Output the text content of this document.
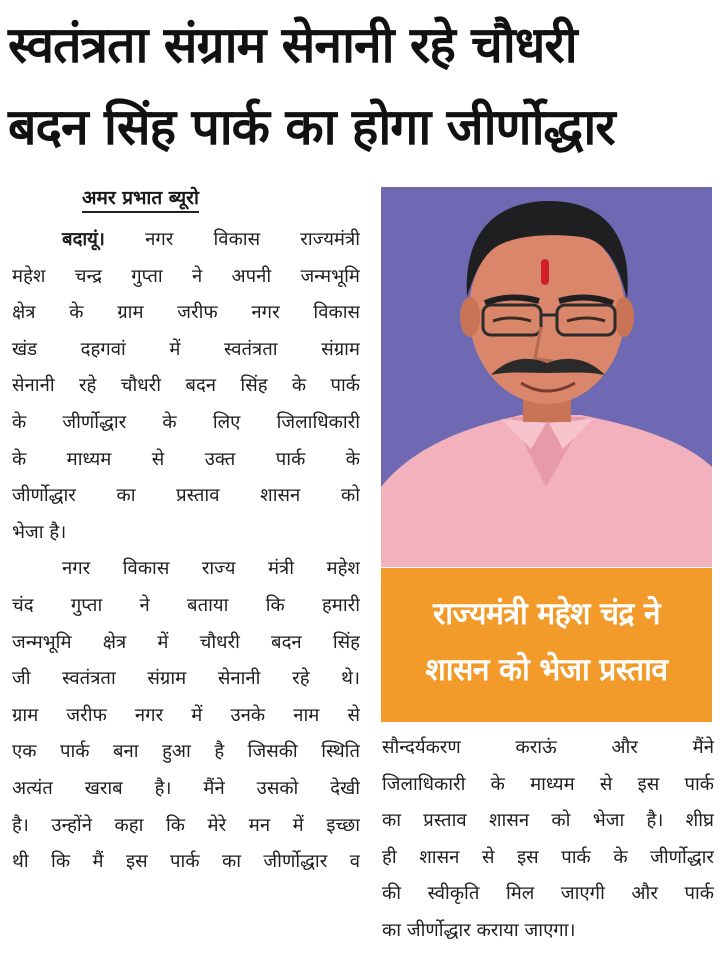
स्वतंत्रता संग्राम सेनानी रहे चौधरी
बदन सिंह पार्क का होगा जीर्णोद्धार
अमर प्रभात ब्यूरो
बदायूं। नगर विकास राज्यमंत्री
महेश चन्द्र गुप्ता ने अपनी जन्मभूमि
क्षेत्र के ग्राम जरीफ नगर विकास
खंड दहगवां में स्वतंत्रता संग्राम
सेनानी रहे चौधरी बदन सिंह के पार्क
के जीर्णोद्धार के लिए जिलाधिकारी
के माध्यम से उक्त पार्क के
जीर्णोद्धार का प्रस्ताव शासन को
भेजा है।
नगर विकास राज्य मंत्री महेश
चंद गुप्ता ने बताया कि हमारी
जन्मभूमि क्षेत्र में चौधरी बदन सिंह
जी स्वतंत्रता संग्राम सेनानी रहे थे।
ग्राम जरीफ नगर में उनके नाम से
एक पार्क बना हुआ है जिसकी स्थिति
अत्यंत खराब है। मैंने उसको देखी
है। उन्होंने कहा कि मेरे मन में इच्छा
थी कि मैं इस पार्क का जीर्णोद्धार व
राज्यमंत्री महेश चंद्र ने
शासन को भेजा प्रस्ताव
सौन्दर्यकरण कराऊं और मैंने
जिलाधिकारी के माध्यम से इस पार्क
का प्रस्ताव शासन को भेजा है। शीघ्र
ही शासन से इस पार्क के जीर्णोद्धार
की स्वीकृति मिल जाएगी और पार्क
का जीर्णोद्धार कराया जाएगा।
